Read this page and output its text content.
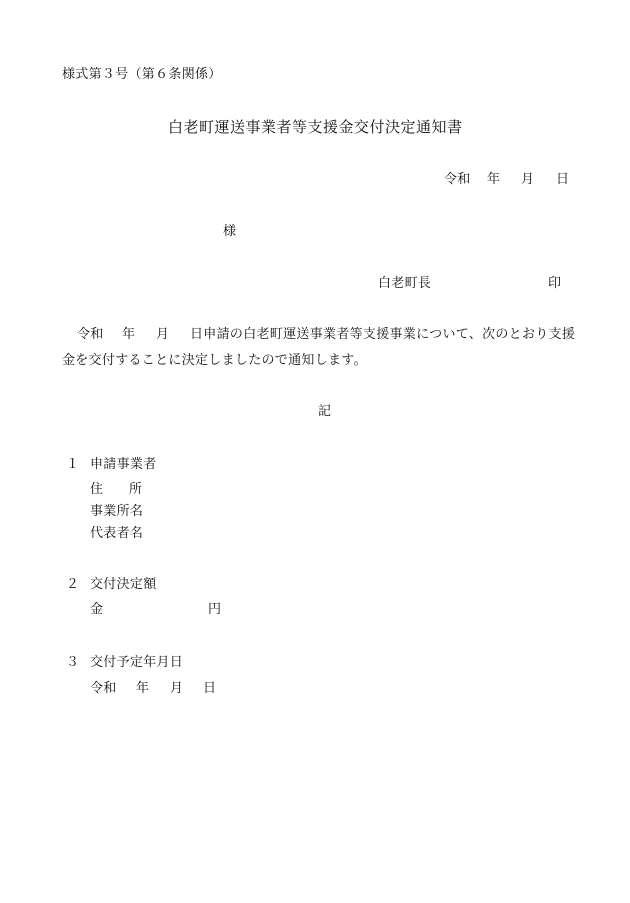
様式第３号（第６条関係）
白老町運送事業者等支援金交付決定通知書
令和 年 月 日
様
白老町長	印
令和 年 月 日申請の白老町運送事業者等支援事業について、次のとおり支援
金を交付することに決定しましたので通知します。
記
１ 申請事業者
住 所
事業所名
代表者名
２ 交付決定額
金	円
３ 交付予定年月日
令和 年 月 日
